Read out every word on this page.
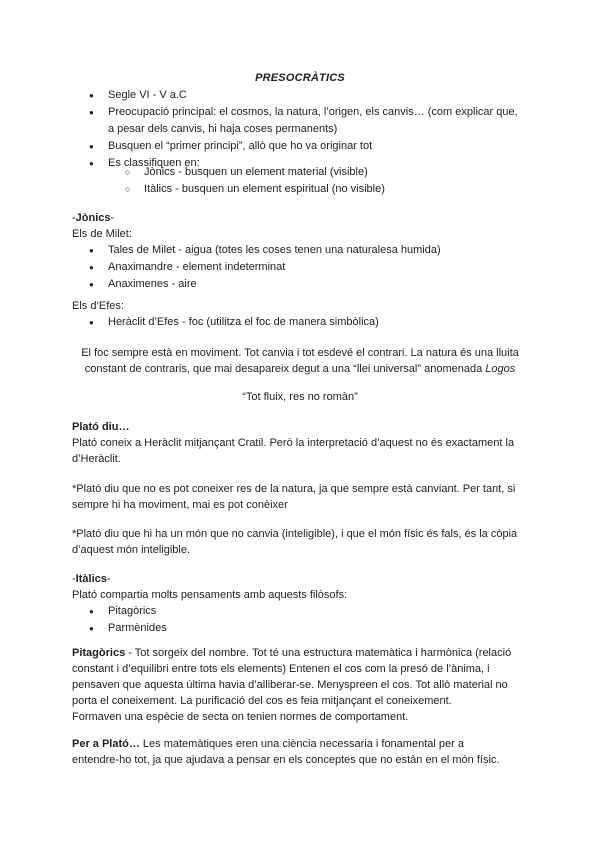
PRESOCRÀTICS
● Segle VI - V a.C
● Preocupació principal: el cosmos, la natura, l’origen, els canvis… (com explicar que,
a pesar dels canvis, hi haja coses permanents)
● Busquen el “primer principi”, allò que ho va originar tot
● Es classifiquen en:
○ Jònics - busquen un element material (visible)
○ Itàlics - busquen un element espiritual (no visible)
-Jònics-
Els de Milet:
● Tales de Milet - aigua (totes les coses tenen una naturalesa humida)
● Anaximandre - element indeterminat
● Anaximenes - aire
Els d’Efes:
● Heràclit d’Efes - foc (utilitza el foc de manera simbòlica)
El foc sempre està en moviment. Tot canvia i tot esdevé el contrari. La natura és una lluita
constant de contraris, que mai desapareix degut a una “llei universal” anomenada Logos
“Tot fluix, res no romàn”
Plató diu…
Plató coneix a Heràclit mitjançant Cratil. Però la interpretació d’aquest no és exactament la
d’Heràclit.
*Plató diu que no es pot coneixer res de la natura, ja que sempre està canviant. Per tant, si
sempre hi ha moviment, mai es pot conèixer
*Plató diu que hi ha un món que no canvia (inteligible), i que el món físic és fals, és la còpia
d’aquest món inteligible.
-Itàlics-
Plató compartia molts pensaments amb aquests filòsofs:
● Pitagòrics
● Parmènides
Pitagòrics - Tot sorgeix del nombre. Tot té una estructura matemàtica i harmònica (relació
constant i d’equilibri entre tots els elements) Entenen el cos com la presó de l’ànima, i
pensaven que aquesta última havia d’alliberar-se. Menyspreen el cos. Tot allò material no
porta el coneixement. La purificació del cos es feia mitjançant el coneixement.
Formaven una espècie de secta on tenien normes de comportament.
Per a Plató… Les matemàtiques eren una ciència necessaria i fonamental per a
entendre-ho tot, ja que ajudava a pensar en els conceptes que no estàn en el món físic.
